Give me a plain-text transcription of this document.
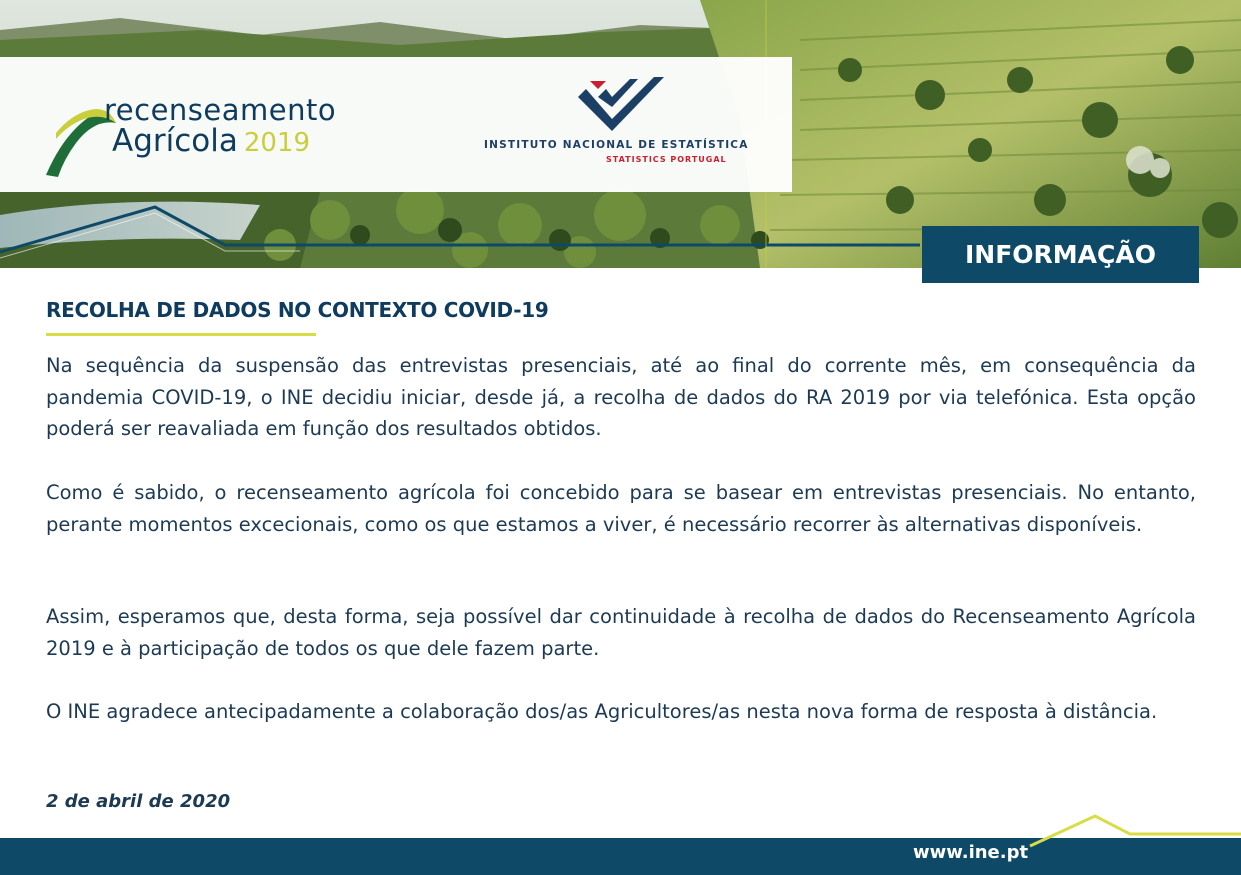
recenseamento
Agrícola 2019	INSTITUTO NACIONAL DE ESTATÍSTICA
STATISTICS PORTUGAL
INFORMAÇÃO
RECOLHA DE DADOS NO CONTEXTO COVID-19

Na sequência da suspensão das entrevistas presenciais, até ao final do corrente mês, em consequência da pandemia COVID-19, o INE decidiu iniciar, desde já, a recolha de dados do RA 2019 por via telefónica. Esta opção poderá ser reavaliada em função dos resultados obtidos.

Como é sabido, o recenseamento agrícola foi concebido para se basear em entrevistas presenciais. No entanto, perante momentos excecionais, como os que estamos a viver, é necessário recorrer às alternativas disponíveis.

Assim, esperamos que, desta forma, seja possível dar continuidade à recolha de dados do Recenseamento Agrícola 2019 e à participação de todos os que dele fazem parte.

O INE agradece antecipadamente a colaboração dos/as Agricultores/as nesta nova forma de resposta à distância.

2 de abril de 2020
www.ine.pt
